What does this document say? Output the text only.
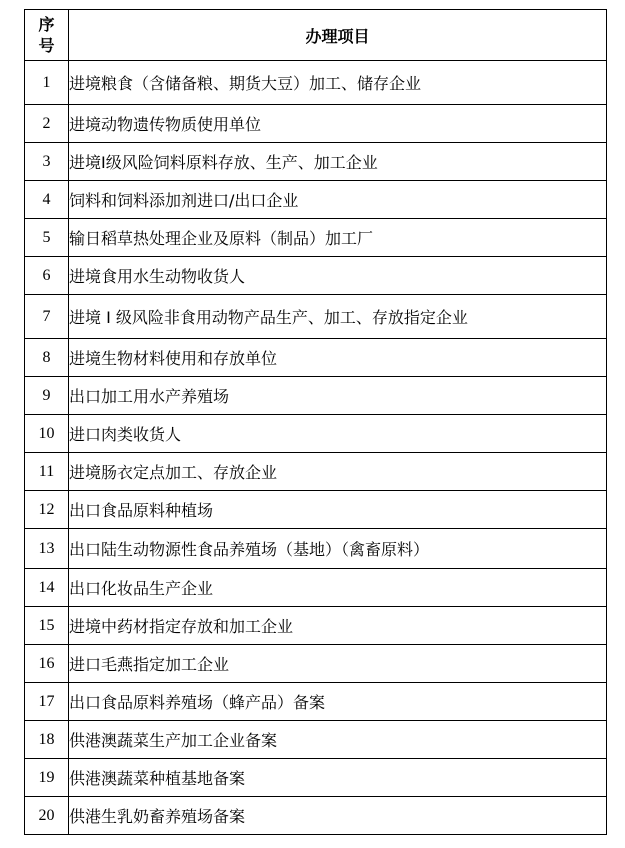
序
号	办理项目
1	进境粮食（含储备粮、期货大豆）加工、储存企业
2	进境动物遗传物质使用单位
3	进境I级风险饲料原料存放、生产、加工企业
4	饲料和饲料添加剂进口/出口企业
5	输日稻草热处理企业及原料（制品）加工厂
6	进境食用水生动物收货人
7	进境 I 级风险非食用动物产品生产、加工、存放指定企业
8	进境生物材料使用和存放单位
9	出口加工用水产养殖场
10	进口肉类收货人
11	进境肠衣定点加工、存放企业
12	出口食品原料种植场
13	出口陆生动物源性食品养殖场（基地）（禽畜原料）
14	出口化妆品生产企业
15	进境中药材指定存放和加工企业
16	进口毛燕指定加工企业
17	出口食品原料养殖场（蜂产品）备案
18	供港澳蔬菜生产加工企业备案
19	供港澳蔬菜种植基地备案
20	供港生乳奶畜养殖场备案
